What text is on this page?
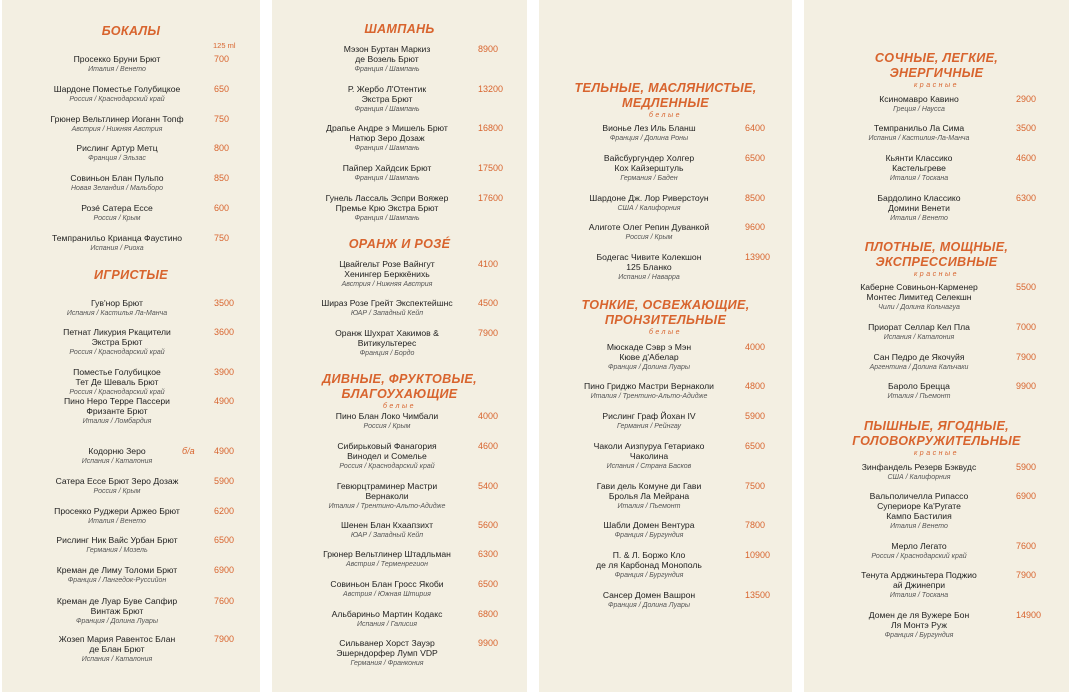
БОКАЛЫ
125 ml
Просекко Бруни Брют
Италия / Венето
700
Шардоне Поместье Голубицкое
Россия / Краснодарский край
650
Грюнер Вельтлинер Иоганн Топф
Австрия / Нижняя Австрия
750
Рислинг Артур Метц
Франция / Эльзас
800
Совиньон Блан Пульпо
Новая Зеландия / Мальборо
850
Розé Сатера Ессе
Россия / Крым
600
Темпранильо Крианца Фаустино
Испания / Риоха
750
ИГРИСТЫЕ
Гув'нор Брют
Испания / Кастилья Ла-Манча
3500
Петнат Ликурия Ркацители
Экстра Брют
Россия / Краснодарский край
3600
Поместье Голубицкое
Тет Де Шеваль Брют
Россия / Краснодарский край
3900
Пино Неро Терре Пассери
Фризанте Брют
Италия / Ломбардия
4900
Кодорню Зеро
Испания / Каталония
4900
б/а
Сатера Ессе Брют Зеро Дозаж
Россия / Крым
5900
Просекко Руджери Аржео Брют
Италия / Венето
6200
Рислинг Ник Вайс Урбан Брют
Германия / Мозель
6500
Креман де Лиму Толоми Брют
Франция / Лангедок-Руссийон
6900
Креман де Луар Буве Сапфир
Винтаж Брют
Франция / Долина Луары
7600
Жозеп Мария Равентос Блан
де Блан Брют
Испания / Каталония
7900
ШАМПАНЬ
Мэзон Буртан Маркиз
де Возель Брют
Франция / Шампань
8900
Р. Жербо Л'Отентик
Экстра Брют
Франция / Шампань
13200
Драпье Андре э Мишель Брют
Натюр Зеро Дозаж
Франция / Шампань
16800
Пайпер Хайдсик Брют
Франция / Шампань
17500
Гунель Лассаль Эспри Вояжер
Премье Крю Экстра Брют
Франция / Шампань
17600
ОРАНЖ И РОЗÉ
Цвайгельт Розе Вайнгут
Хенингер Берккёнихь
Австрия / Нижняя Австрия
4100
Шираз Розе Грейт Экспектейшнс
ЮАР / Западный Кейп
4500
Оранж Шухрат Хакимов &
Витикультерес
Франция / Бордо
7900
ДИВНЫЕ, ФРУКТОВЫЕ,
БЛАГОУХАЮЩИЕ
белые
Пино Блан Локо Чимбали
Россия / Крым
4000
Сибирьковый Фанагория
Винодел и Сомелье
Россия / Краснодарский край
4600
Гевюрцтраминер Мастри
Вернаколи
Италия / Трентино-Альто-Адидже
5400
Шенен Блан Кхаапзихт
ЮАР / Западный Кейп
5600
Грюнер Вельтлинер Штадльман
Австрия / Терменрегион
6300
Совиньон Блан Гросс Якоби
Австрия / Южная Штирия
6500
Альбариньо Мартин Кодакс
Испания / Галисия
6800
Сильванер Хорст Зауэр
Эшерндорфер Лумп VDP
Германия / Франкония
9900
ТЕЛЬНЫЕ, МАСЛЯНИСТЫЕ,
МЕДЛЕННЫЕ
белые
Вионье Лез Иль Бланш
Франция / Долина Роны
6400
Вайсбургундер Холгер
Кох Кайзерштуль
Германия / Баден
6500
Шардоне Дж. Лор Риверстоун
США / Калифорния
8500
Алиготе Олег Репин Дуванкой
Россия / Крым
9600
Бодегас Чивите Колекшон
125 Бланко
Испания / Наварра
13900
ТОНКИЕ, ОСВЕЖАЮЩИЕ,
ПРОНЗИТЕЛЬНЫЕ
белые
Мюскаде Сэвр э Мэн
Кюве д'Абелар
Франция / Долина Луары
4000
Пино Гриджо Мастри Вернаколи
Италия / Трентино-Альто-Адидже
4800
Рислинг Граф Йохан IV
Германия / Рейнгау
5900
Чаколи Аизпуруа Гетариако
Чаколина
Испания / Страна Басков
6500
Гави дель Комуне ди Гави
Бролья Ла Мейрана
Италия / Пьемонт
7500
Шабли Домен Вентура
Франция / Бургундия
7800
П. & Л. Боржо Кло
де ля Карбонад Монополь
Франция / Бургундия
10900
Сансер Домен Вашрон
Франция / Долина Луары
13500
СОЧНЫЕ, ЛЕГКИЕ,
ЭНЕРГИЧНЫЕ
красные
Ксиномавро Кавино
Греция / Наусса
2900
Темпранильо Ла Сима
Испания / Кастилия-Ла-Манча
3500
Кьянти Классико
Кастельгреве
Италия / Тоскана
4600
Бардолино Классико
Домини Венети
Италия / Венето
6300
ПЛОТНЫЕ, МОЩНЫЕ,
ЭКСПРЕССИВНЫЕ
красные
Каберне Совиньон-Карменер
Монтес Лимитед Селекшн
Чили / Долина Кольчагуа
5500
Приорат Селлар Кел Пла
Испания / Каталония
7000
Сан Педро де Якочуйя
Аргентина / Долина Кальчаки
7900
Бароло Брецца
Италия / Пьемонт
9900
ПЫШНЫЕ, ЯГОДНЫЕ,
ГОЛОВОКРУЖИТЕЛЬНЫЕ
красные
Зинфандель Резерв Бэквудс
США / Калифорния
5900
Вальполичелла Рипассо
Супериоре Ка'Ругате
Кампо Бастилия
Италия / Венето
6900
Мерло Легато
Россия / Краснодарский край
7600
Тенута Арджиньтера Поджио
ай Джинепри
Италия / Тоскана
7900
Домен де ля Вужере Бон
Ля Монтэ Руж
Франция / Бургундия
14900
